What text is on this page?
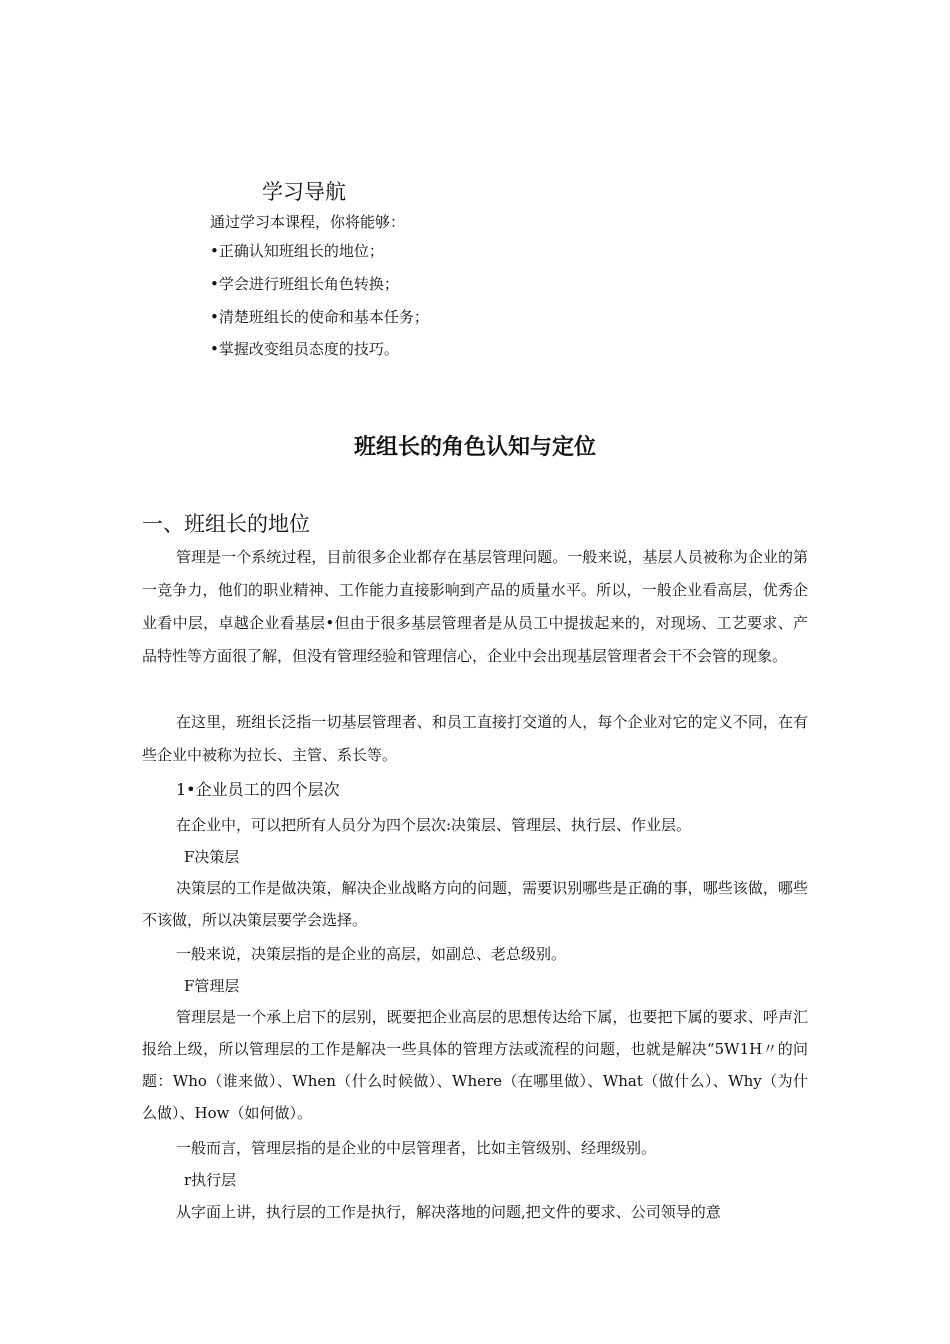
学习导航
通过学习本课程，你将能够：
•正确认知班组长的地位；
•学会进行班组长角色转换；
•清楚班组长的使命和基本任务；
•掌握改变组员态度的技巧。
班组长的角色认知与定位
一、班组长的地位
管理是一个系统过程，目前很多企业都存在基层管理问题。一般来说，基层人员被称为企业的第一竞争力，他们的职业精神、工作能力直接影响到产品的质量水平。所以，一般企业看高层，优秀企业看中层，卓越企业看基层•但由于很多基层管理者是从员工中提拔起来的，对现场、工艺要求、产品特性等方面很了解，但没有管理经验和管理信心，企业中会出现基层管理者会干不会管的现象。
在这里，班组长泛指一切基层管理者、和员工直接打交道的人，每个企业对它的定义不同，在有些企业中被称为拉长、主管、系长等。
1•企业员工的四个层次
在企业中，可以把所有人员分为四个层次:决策层、管理层、执行层、作业层。
F决策层
决策层的工作是做决策，解决企业战略方向的问题，需要识别哪些是正确的事，哪些该做，哪些不该做，所以决策层要学会选择。
一般来说，决策层指的是企业的高层，如副总、老总级别。
F管理层
管理层是一个承上启下的层别，既要把企业高层的思想传达给下属，也要把下属的要求、呼声汇报给上级，所以管理层的工作是解决一些具体的管理方法或流程的问题，也就是解决“5W1H〃的问题：Who（谁来做）、When（什么时候做）、Where（在哪里做）、What（做什么）、Why（为什么做）、How（如何做）。
一般而言，管理层指的是企业的中层管理者，比如主管级别、经理级别。
r执行层
从字面上讲，执行层的工作是执行，解决落地的问题,把文件的要求、公司领导的意
